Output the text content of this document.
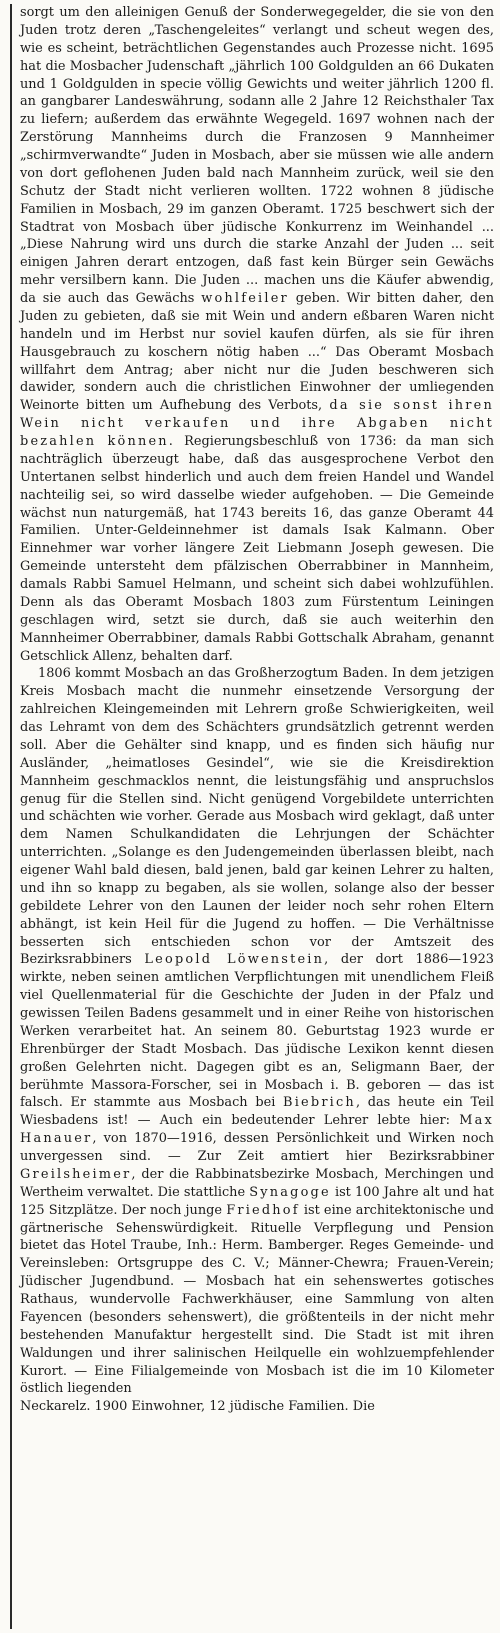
sorgt um den alleinigen Genuß der Sonderwegegelder, die sie von den Juden trotz deren „Taschengeleites“ verlangt und scheut wegen des, wie es scheint, beträchtlichen Gegenstandes auch Prozesse nicht. 1695 hat die Mosbacher Judenschaft „jährlich 100 Goldgulden an 66 Dukaten und 1 Goldgulden in specie völlig Gewichts und weiter jährlich 1200 fl. an gangbarer Landeswährung, sodann alle 2 Jahre 12 Reichsthaler Tax zu liefern; außerdem das erwähnte Wegegeld. 1697 wohnen nach der Zerstörung Mannheims durch die Franzosen 9 Mannheimer „schirmverwandte“ Juden in Mosbach, aber sie müssen wie alle andern von dort geflohenen Juden bald nach Mannheim zurück, weil sie den Schutz der Stadt nicht verlieren wollten. 1722 wohnen 8 jüdische Familien in Mosbach, 29 im ganzen Oberamt. 1725 beschwert sich der Stadtrat von Mosbach über jüdische Konkurrenz im Weinhandel ... „Diese Nahrung wird uns durch die starke Anzahl der Juden ... seit einigen Jahren derart entzogen, daß fast kein Bürger sein Gewächs mehr versilbern kann. Die Juden ... machen uns die Käufer abwendig, da sie auch das Gewächs wohlfeiler geben. Wir bitten daher, den Juden zu gebieten, daß sie mit Wein und andern eßbaren Waren nicht handeln und im Herbst nur soviel kaufen dürfen, als sie für ihren Hausgebrauch zu koschern nötig haben ...“ Das Oberamt Mosbach willfahrt dem Antrag; aber nicht nur die Juden beschweren sich dawider, sondern auch die christlichen Einwohner der umliegenden Weinorte bitten um Aufhebung des Verbots, da sie sonst ihren Wein nicht verkaufen und ihre Abgaben nicht bezahlen können. Regierungsbeschluß von 1736: da man sich nachträglich überzeugt habe, daß das ausgesprochene Verbot den Untertanen selbst hinderlich und auch dem freien Handel und Wandel nachteilig sei, so wird dasselbe wieder aufgehoben. — Die Gemeinde wächst nun naturgemäß, hat 1743 bereits 16, das ganze Oberamt 44 Familien. Unter-Geldeinnehmer ist damals Isak Kalmann. Ober Einnehmer war vorher längere Zeit Liebmann Joseph gewesen. Die Gemeinde untersteht dem pfälzischen Oberrabbiner in Mannheim, damals Rabbi Samuel Helmann, und scheint sich dabei wohlzufühlen. Denn als das Oberamt Mosbach 1803 zum Fürstentum Leiningen geschlagen wird, setzt sie durch, daß sie auch weiterhin den Mannheimer Oberrabbiner, damals Rabbi Gottschalk Abraham, genannt Getschlick Allenz, behalten darf.

1806 kommt Mosbach an das Großherzogtum Baden. In dem jetzigen Kreis Mosbach macht die nunmehr einsetzende Versorgung der zahlreichen Kleingemeinden mit Lehrern große Schwierigkeiten, weil das Lehramt von dem des Schächters grundsätzlich getrennt werden soll. Aber die Gehälter sind knapp, und es finden sich häufig nur Ausländer, „heimatloses Gesindel“, wie sie die Kreisdirektion Mannheim geschmacklos nennt, die leistungsfähig und anspruchslos genug für die Stellen sind. Nicht genügend Vorgebildete unterrichten und schächten wie vorher. Gerade aus Mosbach wird geklagt, daß unter dem Namen Schulkandidaten die Lehrjungen der Schächter unterrichten. „Solange es den Judengemeinden überlassen bleibt, nach eigener Wahl bald diesen, bald jenen, bald gar keinen Lehrer zu halten, und ihn so knapp zu begaben, als sie wollen, solange also der besser gebildete Lehrer von den Launen der leider noch sehr rohen Eltern abhängt, ist kein Heil für die Jugend zu hoffen. — Die Verhältnisse besserten sich entschieden schon vor der Amtszeit des Bezirksrabbiners Leopold Löwenstein, der dort 1886—1923 wirkte, neben seinen amtlichen Verpflichtungen mit unendlichem Fleiß viel Quellenmaterial für die Geschichte der Juden in der Pfalz und gewissen Teilen Badens gesammelt und in einer Reihe von historischen Werken verarbeitet hat. An seinem 80. Geburtstag 1923 wurde er Ehrenbürger der Stadt Mosbach. Das jüdische Lexikon kennt diesen großen Gelehrten nicht. Dagegen gibt es an, Seligmann Baer, der berühmte Massora-Forscher, sei in Mosbach i. B. geboren — das ist falsch. Er stammte aus Mosbach bei Biebrich, das heute ein Teil Wiesbadens ist! — Auch ein bedeutender Lehrer lebte hier: Max Hanauer, von 1870—1916, dessen Persönlichkeit und Wirken noch unvergessen sind. — Zur Zeit amtiert hier Bezirksrabbiner Greilsheimer, der die Rabbinatsbezirke Mosbach, Merchingen und Wertheim verwaltet. Die stattliche Synagoge ist 100 Jahre alt und hat 125 Sitzplätze. Der noch junge Friedhof ist eine architektonische und gärtnerische Sehenswürdigkeit. Rituelle Verpflegung und Pension bietet das Hotel Traube, Inh.: Herm. Bamberger. Reges Gemeinde- und Vereinsleben: Ortsgruppe des C. V.; Männer-Chewra; Frauen-Verein; Jüdischer Jugendbund. — Mosbach hat ein sehenswertes gotisches Rathaus, wundervolle Fachwerkhäuser, eine Sammlung von alten Fayencen (besonders sehenswert), die größtenteils in der nicht mehr bestehenden Manufaktur hergestellt sind. Die Stadt ist mit ihren Waldungen und ihrer salinischen Heilquelle ein wohlzuempfehlender Kurort. — Eine Filialgemeinde von Mosbach ist die im 10 Kilometer östlich liegenden

Neckarelz. 1900 Einwohner, 12 jüdische Familien. Die
